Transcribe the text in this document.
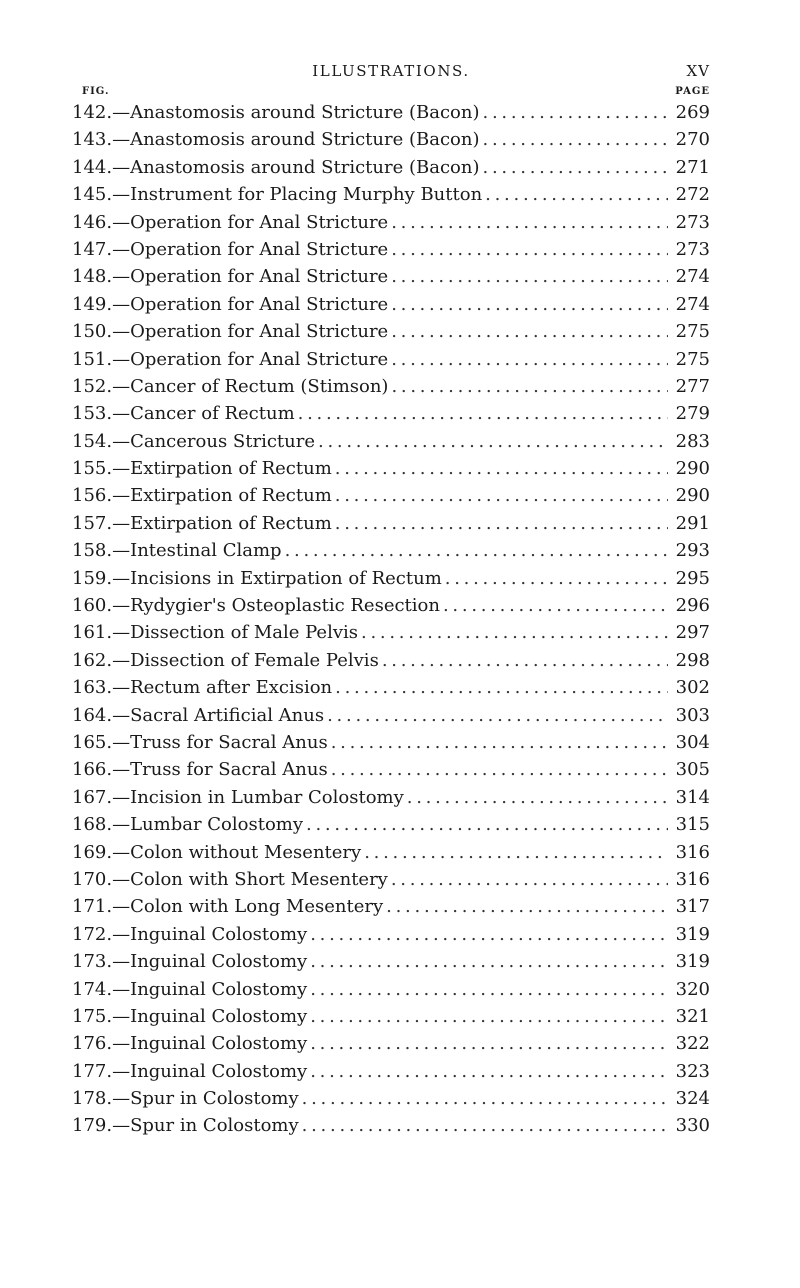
ILLUSTRATIONS.	XV
FIG.	PAGE
142.—Anastomosis around Stricture (Bacon) . . .	269
143.—Anastomosis around Stricture (Bacon) . . .	270
144.—Anastomosis around Stricture (Bacon) . . .	271
145.—Instrument for Placing Murphy Button . . .	272
146.—Operation for Anal Stricture . . .	273
147.—Operation for Anal Stricture . . .	273
148.—Operation for Anal Stricture . . .	274
149.—Operation for Anal Stricture . . .	274
150.—Operation for Anal Stricture . . .	275
151.—Operation for Anal Stricture . . .	275
152.—Cancer of Rectum (Stimson) . . .	277
153.—Cancer of Rectum . . .	279
154.—Cancerous Stricture . . .	283
155.—Extirpation of Rectum . . .	290
156.—Extirpation of Rectum . . .	290
157.—Extirpation of Rectum . . .	291
158.—Intestinal Clamp . . .	293
159.—Incisions in Extirpation of Rectum . . .	295
160.—Rydygier's Osteoplastic Resection . . .	296
161.—Dissection of Male Pelvis . . .	297
162.—Dissection of Female Pelvis . . .	298
163.—Rectum after Excision . . .	302
164.—Sacral Artificial Anus . . .	303
165.—Truss for Sacral Anus . . .	304
166.—Truss for Sacral Anus . . .	305
167.—Incision in Lumbar Colostomy . . .	314
168.—Lumbar Colostomy . . .	315
169.—Colon without Mesentery . . .	316
170.—Colon with Short Mesentery . . .	316
171.—Colon with Long Mesentery . . .	317
172.—Inguinal Colostomy . . .	319
173.—Inguinal Colostomy . . .	319
174.—Inguinal Colostomy . . .	320
175.—Inguinal Colostomy . . .	321
176.—Inguinal Colostomy . . .	322
177.—Inguinal Colostomy . . .	323
178.—Spur in Colostomy . . .	324
179.—Spur in Colostomy . . .	330
